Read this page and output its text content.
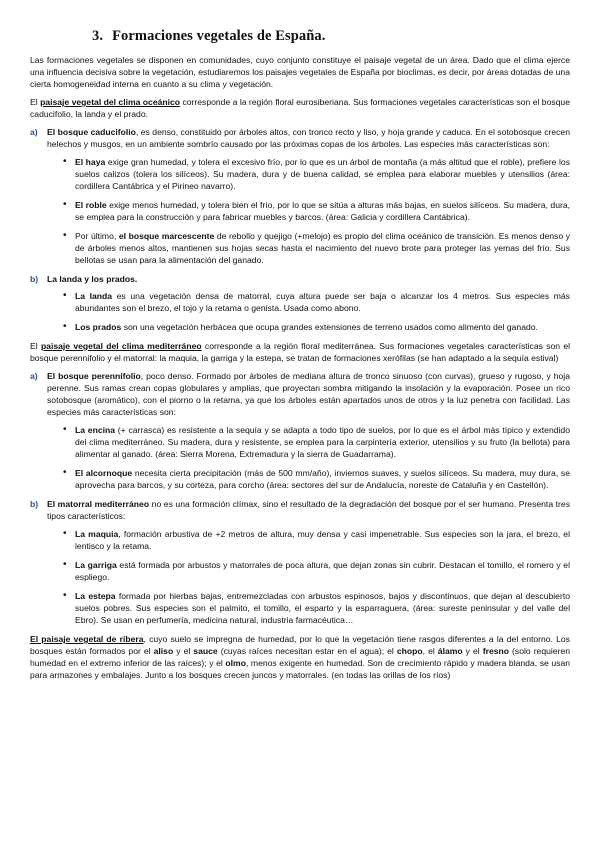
3. Formaciones vegetales de España.

Las formaciones vegetales se disponen en comunidades, cuyo conjunto constituye el paisaje vegetal de un área. Dado que el clima ejerce una influencia decisiva sobre la vegetación, estudiaremos los paisajes vegetales de España por bioclimas, es decir, por áreas dotadas de una cierta homogeneidad interna en cuanto a su clima y vegetación.

El paisaje vegetal del clima oceánico corresponde a la región floral eurosiberiana. Sus formaciones vegetales características son el bosque caducifolio, la landa y el prado.

a)	El bosque caducifolio, es denso, constituido por árboles altos, con tronco recto y liso, y hoja grande y caduca. En el sotobosque crecen helechos y musgos, en un ambiente sombrío causado por las próximas copas de los árboles. Las especies más características son:
• El haya exige gran humedad, y tolera el excesivo frío, por lo que es un árbol de montaña (a más altitud que el roble), prefiere los suelos calizos (tolera los silíceos). Su madera, dura y de buena calidad, se emplea para elaborar muebles y utensilios (área: cordillera Cantábrica y el Pirineo navarro).
• El roble exige menos humedad, y tolera bien el frío, por lo que se sitúa a alturas más bajas, en suelos silíceos. Su madera, dura, se emplea para la construcción y para fabricar muebles y barcos. (área: Galicia y cordillera Cantábrica).
• Por último, el bosque marcescente de rebollo y quejigo (+melojo) es propio del clima oceánico de transición. Es menos denso y de árboles menos altos, mantienen sus hojas secas hasta el nacimiento del nuevo brote para proteger las yemas del frío. Sus bellotas se usan para la alimentación del ganado.
b)	La landa y los prados.
• La landa es una vegetación densa de matorral, cuya altura puede ser baja o alcanzar los 4 metros. Sus especies más abundantes son el brezo, el tojo y la retama o genista. Usada como abono.
• Los prados son una vegetación herbácea que ocupa grandes extensiones de terreno usados como alimento del ganado.

El paisaje vegetal del clima mediterráneo corresponde a la región floral mediterránea. Sus formaciones vegetales características son el bosque perennifolio y el matorral: la maquia, la garriga y la estepa, se tratan de formaciones xerófilas (se han adaptado a la sequía estival)

a)	El bosque perennifolio, poco denso. Formado por árboles de mediana altura de tronco sinuoso (con curvas), grueso y rugoso, y hoja perenne. Sus ramas crean copas globulares y amplias, que proyectan sombra mitigando la insolación y la evaporación. Posee un rico sotobosque (aromático), con el piorno o la retama, ya que los árboles están apartados unos de otros y la luz penetra con facilidad. Las especies más características son:
• La encina (+ carrasca) es resistente a la sequía y se adapta a todo tipo de suelos, por lo que es el árbol más típico y extendido del clima mediterráneo. Su madera, dura y resistente, se emplea para la carpintería exterior, utensilios y su fruto (la bellota) para alimentar al ganado. (área: Sierra Morena, Extremadura y la sierra de Guadarrama).
• El alcornoque necesita cierta precipitación (más de 500 mm/año), inviernos suaves, y suelos silíceos. Su madera, muy dura, se aprovecha para barcos, y su corteza, para corcho (área: sectores del sur de Andalucía, noreste de Cataluña y en Castellón).
b)	El matorral mediterráneo no es una formación clímax, sino el resultado de la degradación del bosque por el ser humano. Presenta tres tipos característicos:
• La maquia, formación arbustiva de +2 metros de altura, muy densa y casi impenetrable. Sus especies son la jara, el brezo, el lentisco y la retama.
• La garriga está formada por arbustos y matorrales de poca altura, que dejan zonas sin cubrir. Destacan el tomillo, el romero y el espliego.
• La estepa formada por hierbas bajas, entremezcladas con arbustos espinosos, bajos y discontinuos, que dejan al descubierto suelos pobres. Sus especies son el palmito, el tomillo, el esparto y la esparraguera, (área: sureste peninsular y del valle del Ebro). Se usan en perfumería, medicina natural, industria farmacéutica…

El paisaje vegetal de ribera, cuyo suelo se impregna de humedad, por lo que la vegetación tiene rasgos diferentes a la del entorno. Los bosques están formados por el aliso y el sauce (cuyas raíces necesitan estar en el agua); el chopo, el álamo y el fresno (solo requieren humedad en el extremo inferior de las raíces); y el olmo, menos exigente en humedad. Son de crecimiento rápido y madera blanda, se usan para armazones y embalajes. Junto a los bosques crecen juncos y matorrales. (en todas las orillas de los ríos)
